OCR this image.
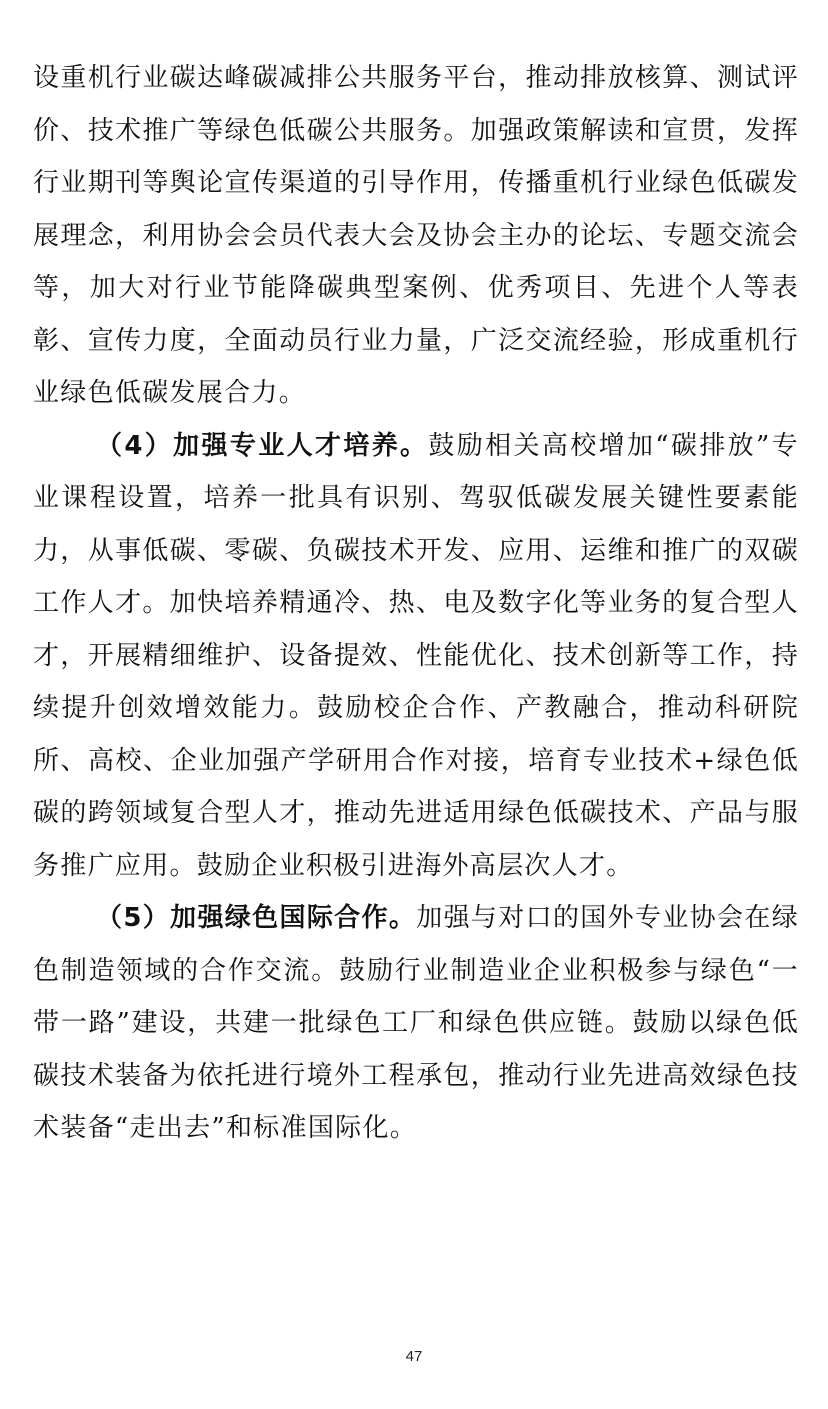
设重机行业碳达峰碳减排公共服务平台，推动排放核算、测试评价、技术推广等绿色低碳公共服务。加强政策解读和宣贯，发挥行业期刊等舆论宣传渠道的引导作用，传播重机行业绿色低碳发展理念，利用协会会员代表大会及协会主办的论坛、专题交流会等，加大对行业节能降碳典型案例、优秀项目、先进个人等表彰、宣传力度，全面动员行业力量，广泛交流经验，形成重机行业绿色低碳发展合力。

（4）加强专业人才培养。鼓励相关高校增加“碳排放”专业课程设置，培养一批具有识别、驾驭低碳发展关键性要素能力，从事低碳、零碳、负碳技术开发、应用、运维和推广的双碳工作人才。加快培养精通冷、热、电及数字化等业务的复合型人才，开展精细维护、设备提效、性能优化、技术创新等工作，持续提升创效增效能力。鼓励校企合作、产教融合，推动科研院所、高校、企业加强产学研用合作对接，培育专业技术+绿色低碳的跨领域复合型人才，推动先进适用绿色低碳技术、产品与服务推广应用。鼓励企业积极引进海外高层次人才。

（5）加强绿色国际合作。加强与对口的国外专业协会在绿色制造领域的合作交流。鼓励行业制造业企业积极参与绿色“一带一路”建设，共建一批绿色工厂和绿色供应链。鼓励以绿色低碳技术装备为依托进行境外工程承包，推动行业先进高效绿色技术装备“走出去”和标准国际化。

47
